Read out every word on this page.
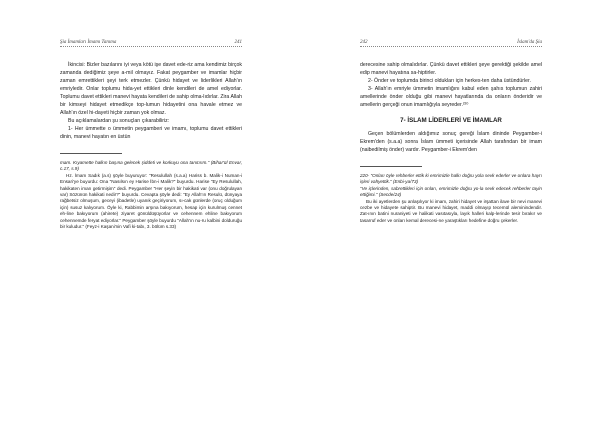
Şia İmamları İmamı Tanıma	241

İkincisi: Bizler bazılarını iyi veya kötü işe davet ede-riz ama kendimiz birçok zamanda dediğimiz şeye a-mil olmayız. Fakat peygamber ve imamlar hiçbir zaman emrettikleri şeyi terk etmezler. Çünkü hidayet ve liderlikleri Allah'ın emriyledir. Onlar toplumu hida-yet ettikleri dinle kendileri de amel ediyorlar. Toplumu davet ettikleri manevi hayata kendileri de sahip olma-lıdırlar. Zira Allah bir kimseyi hidayet etmedikçe top-lumun hidayetini ona havale etmez ve Allah'ın özel hi-dayeti hiçbir zaman yok olmaz.

Bu açıklamalardan şu sonuçları çıkarabiliriz:

1- Her ümmette o ümmetin peygamberi ve imamı, toplumu davet ettikleri dinin, manevi hayatın en üstün

mam. Kıyamette halkın başına gelecek şiddeti ve korkuyu ona tanıtırım." (Bihar'ül Envar, c.17, s.9)

Hz. İmam Sadık (a.s) şöyle buyuruyor: "Resulullah (s.a.a) Hariss b. Malik-i Numan-i Ensari'ye buyurdu: Ona "Nasılsın ey Harise İbn-i Malik?" buyurdu. Harise "Ey Resulullah, hakikaten iman getirmişim" dedi. Peygamber "Her şeyin bir hakikati var (onu doğrulayan var) Sözünün hakikati nedir?" buyurdu. Cevapta şöyle dedi: "Ey Allah'ın Resulü, dünyaya rağbetsiz olmuşum, geceyi (ibadetle) uyanık geçiriyorum, sı-cak günlerde (oruç olduğum için) susuz kalıyorum. Öyle ki, Rabbimin arşına bakıyorum, hesap için kurulmuş cennet eh-line bakıyorum (ahirete) ziyaret gönüldüşüyorlar ve cehennem ehline bakıyorum cehennemde feryat ediyorlar." Peygamber şöyle buyurdu "Allah'ın nu-ru kalbini dolduruğu bir kuludur." (Feyz-i Kaşani'nin Vafi ki-tabı, 3. bölüm s.33)

242	İslam'da Şia

derecesine sahip olmalıdırlar. Çünkü davet ettikleri şeye gerektiği şekilde amel edip manevi hayatına sa-hiptirler.

2- Önder ve toplumda birinci oldukları için herkes-ten daha üstündürler.

3- Allah'ın emriyle ümmetin imamlığını kabul eden şahıs toplumun zahiri amellerinde önder olduğu gibi manevi hayatlarında da onların önderidir ve amellerin gerçeği onun imamlığıyla seyreder.²²⁰

7- İSLAM LİDERLERİ VE İMAMLAR

Geçen bölümlerden aldığımız sonuç gereği İslam dininde Peygamber-i Ekrem'den (s.a.a) sonra İslam ümmeti içerisinde Allah tarafından bir imam (naibedilmiş önder) vardır. Peygamber-i Ekrem'den

220- "Onları öyle rehberler ettik ki emrimizle halkı doğru yola sevk ederler ve onlara hayrı işleri vahyettik." (Enbi-ya/73)

"Ve içlerinden, sabrettikleri için onları, emrimizle doğru yo-la sevk edecek rehberler tayin ettiğimi." (Secde/24)

Bu iki ayetlerden şu anlaşılıyor ki imam, zahiri hidayet ve irşattan ilave bir nevi manevi cezbe ve hidayete sahiptir. Bu manevi hidayet, maddi olmayıp tecemül aleminindendir. Zat-ının batini nuraniyeti ve halikati vasıtasıyla, layık halleri kalp-lerinde tesir bırakır ve tasarruf eder ve onları kemal derecesi-ne yaraştıkları hedefine doğru çekerler.
